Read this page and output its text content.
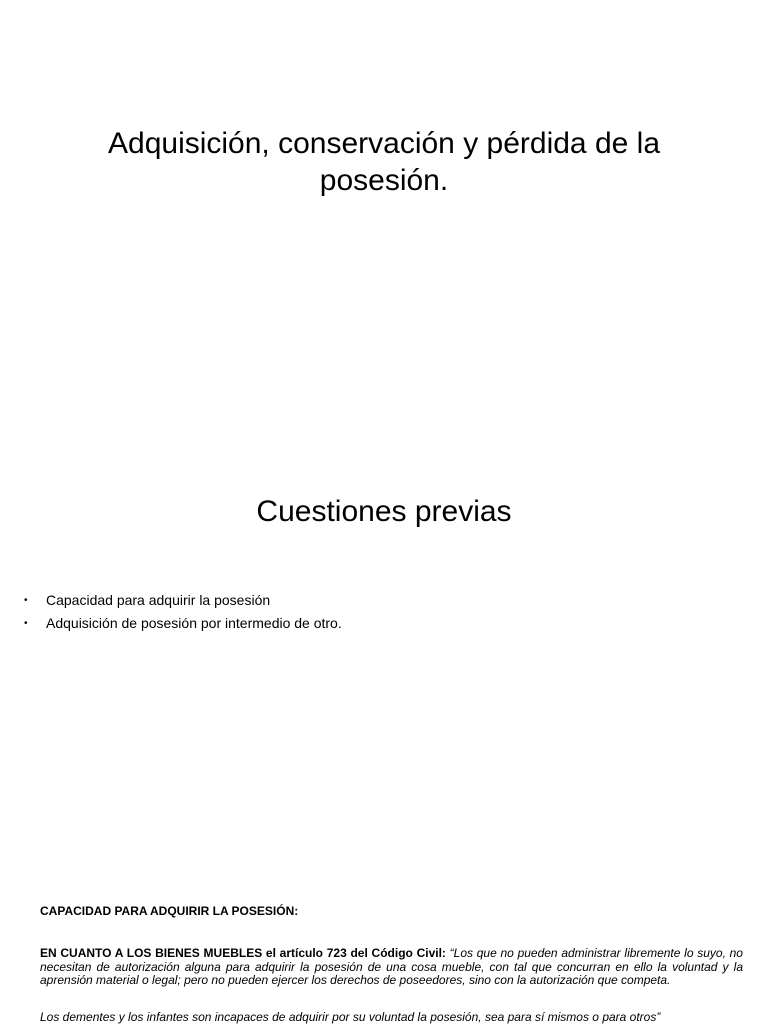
Adquisición, conservación y pérdida de la posesión.
Cuestiones previas
• Capacidad para adquirir la posesión
• Adquisición de posesión por intermedio de otro.

CAPACIDAD PARA ADQUIRIR LA POSESIÓN:

EN CUANTO A LOS BIENES MUEBLES el artículo 723 del Código Civil: “Los que no pueden administrar libremente lo suyo, no necesitan de autorización alguna para adquirir la posesión de una cosa mueble, con tal que concurran en ello la voluntad y la aprensión material o legal; pero no pueden ejercer los derechos de poseedores, sino con la autorización que competa.

Los dementes y los infantes son incapaces de adquirir por su voluntad la posesión, sea para sí mismos o para otros”
